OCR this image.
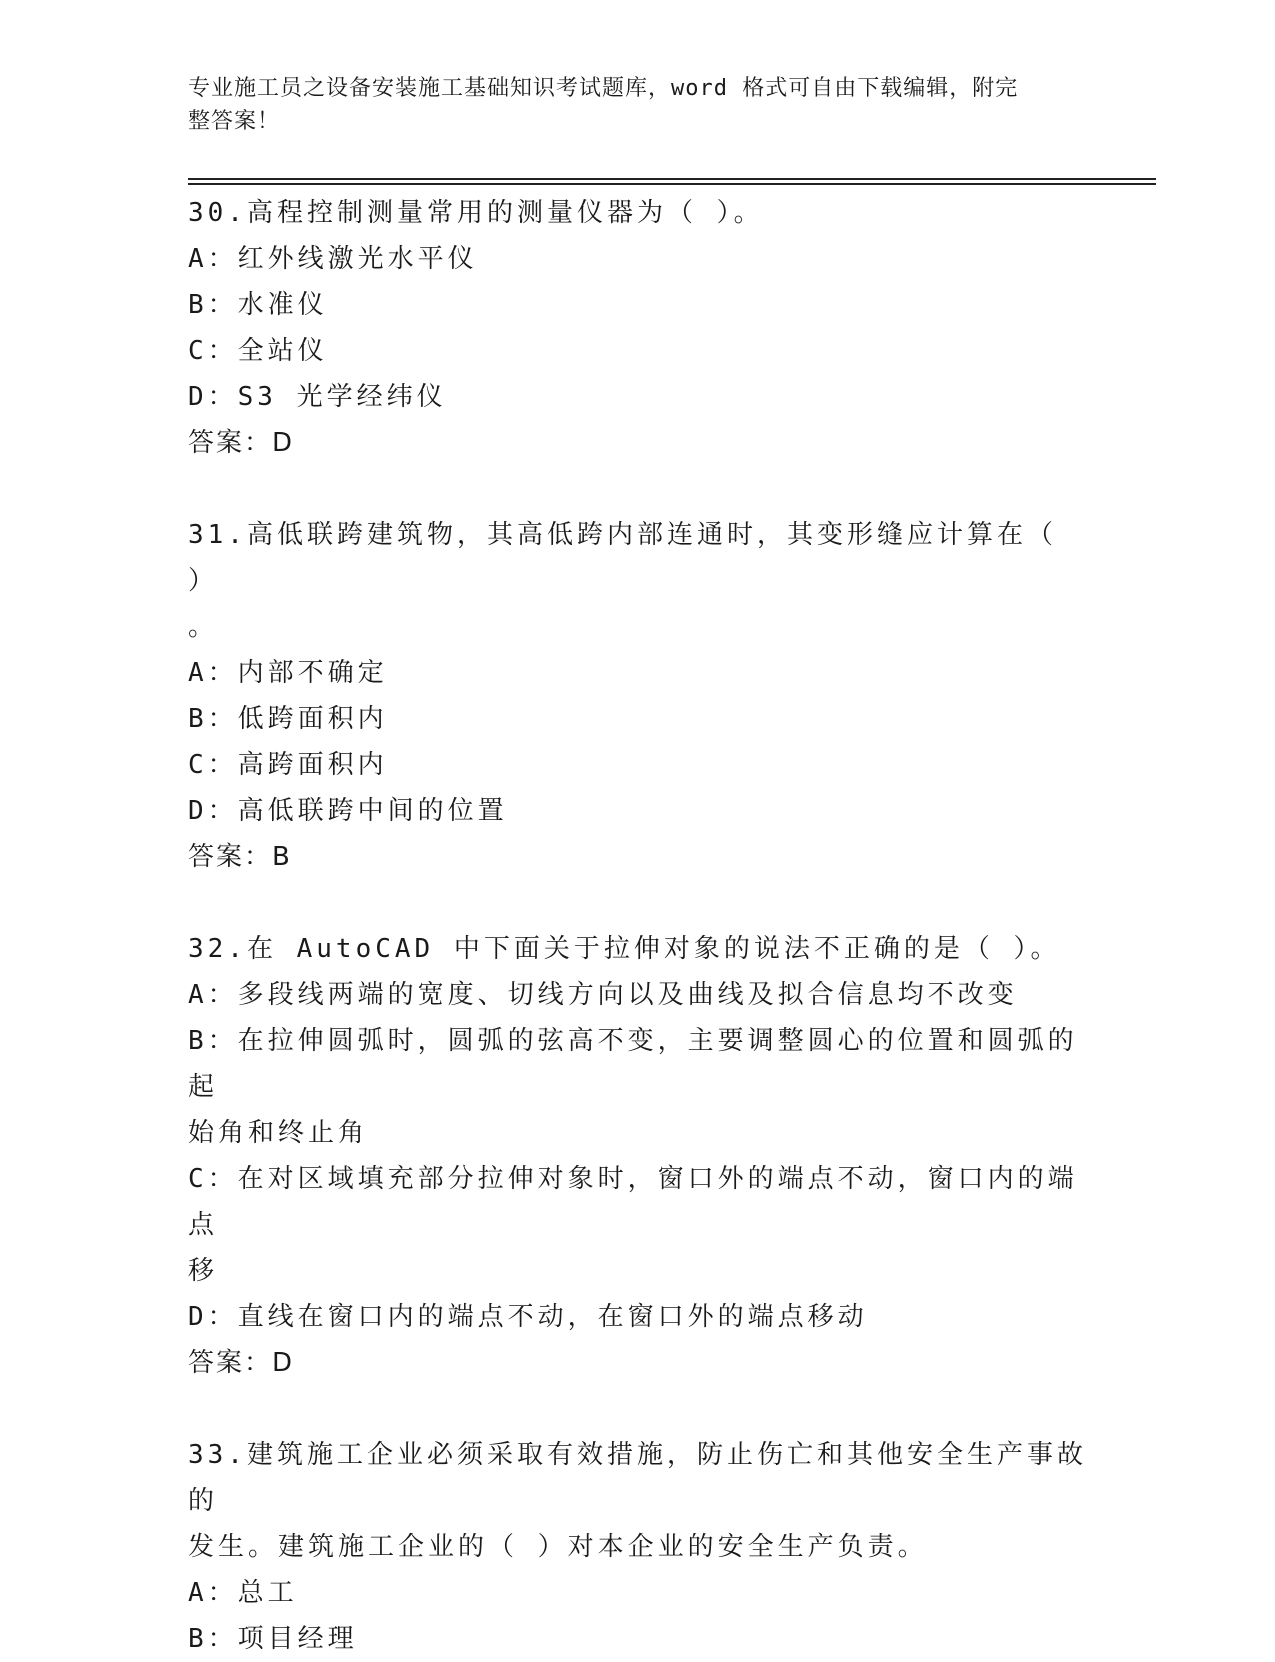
专业施工员之设备安装施工基础知识考试题库，word 格式可自由下载编辑，附完
整答案！
30.高程控制测量常用的测量仪器为（ ）。
A：红外线激光水平仪
B：水准仪
C：全站仪
D：S3 光学经纬仪
答案：D
31.高低联跨建筑物，其高低跨内部连通时，其变形缝应计算在（ ）
。
A：内部不确定
B：低跨面积内
C：高跨面积内
D：高低联跨中间的位置
答案：B
32.在 AutoCAD 中下面关于拉伸对象的说法不正确的是（ ）。
A：多段线两端的宽度、切线方向以及曲线及拟合信息均不改变
B：在拉伸圆弧时，圆弧的弦高不变，主要调整圆心的位置和圆弧的起
始角和终止角
C：在对区域填充部分拉伸对象时，窗口外的端点不动，窗口内的端点
移
D：直线在窗口内的端点不动，在窗口外的端点移动
答案：D
33.建筑施工企业必须采取有效措施，防止伤亡和其他安全生产事故的
发生。建筑施工企业的（ ）对本企业的安全生产负责。
A：总工
B：项目经理
